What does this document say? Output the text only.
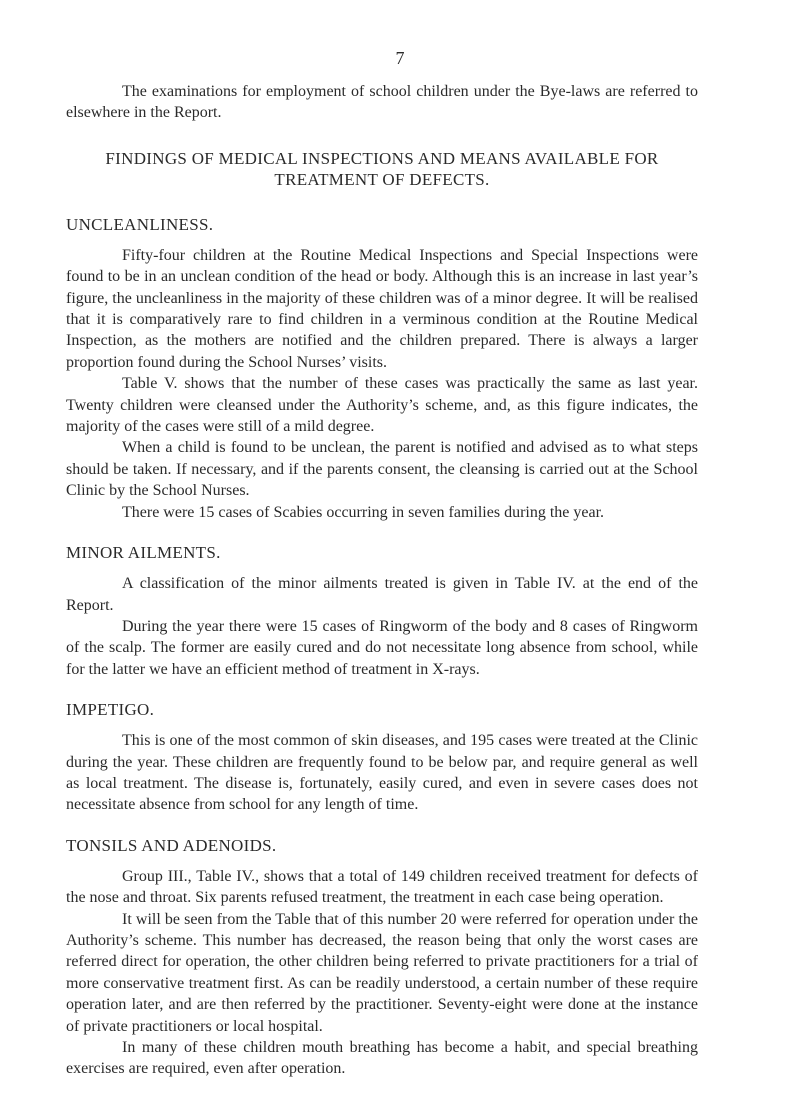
7

The examinations for employment of school children under the Bye-laws are referred to elsewhere in the Report.

FINDINGS OF MEDICAL INSPECTIONS AND MEANS AVAILABLE FOR TREATMENT OF DEFECTS.
UNCLEANLINESS.

Fifty-four children at the Routine Medical Inspections and Special Inspections were found to be in an unclean condition of the head or body. Although this is an increase in last year’s figure, the uncleanliness in the majority of these children was of a minor degree. It will be realised that it is comparatively rare to find children in a verminous condition at the Routine Medical Inspection, as the mothers are notified and the children prepared. There is always a larger proportion found during the School Nurses’ visits.

Table V. shows that the number of these cases was practically the same as last year. Twenty children were cleansed under the Authority’s scheme, and, as this figure indicates, the majority of the cases were still of a mild degree.

When a child is found to be unclean, the parent is notified and advised as to what steps should be taken. If necessary, and if the parents consent, the cleansing is carried out at the School Clinic by the School Nurses.

There were 15 cases of Scabies occurring in seven families during the year.

MINOR AILMENTS.

A classification of the minor ailments treated is given in Table IV. at the end of the Report.

During the year there were 15 cases of Ringworm of the body and 8 cases of Ringworm of the scalp. The former are easily cured and do not necessitate long absence from school, while for the latter we have an efficient method of treatment in X-rays.

IMPETIGO.

This is one of the most common of skin diseases, and 195 cases were treated at the Clinic during the year. These children are frequently found to be below par, and require general as well as local treatment. The disease is, fortunately, easily cured, and even in severe cases does not necessitate absence from school for any length of time.

TONSILS AND ADENOIDS.

Group III., Table IV., shows that a total of 149 children received treatment for defects of the nose and throat. Six parents refused treatment, the treatment in each case being operation.

It will be seen from the Table that of this number 20 were referred for operation under the Authority’s scheme. This number has decreased, the reason being that only the worst cases are referred direct for operation, the other children being referred to private practitioners for a trial of more conservative treatment first. As can be readily understood, a certain number of these require operation later, and are then referred by the practitioner. Seventy-eight were done at the instance of private practitioners or local hospital.

In many of these children mouth breathing has become a habit, and special breathing exercises are required, even after operation.
